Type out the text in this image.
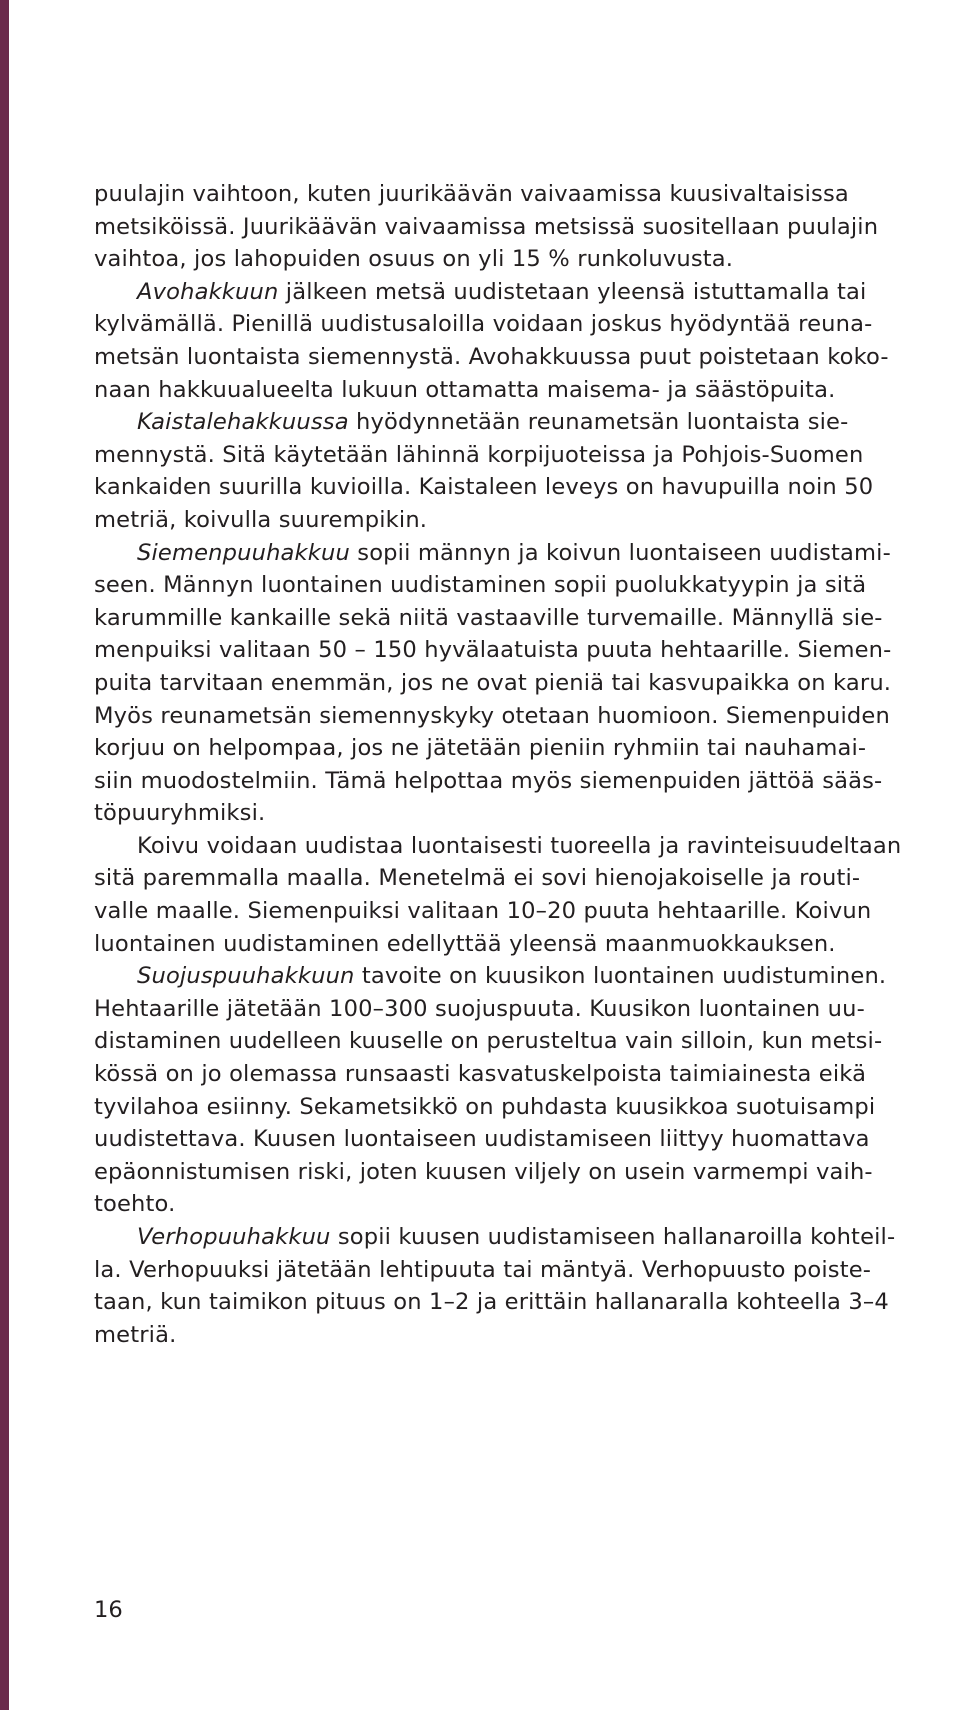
puulajin vaihtoon, kuten juurikäävän vaivaamissa kuusivaltaisissa
metsiköissä. Juurikäävän vaivaamissa metsissä suositellaan puulajin
vaihtoa, jos lahopuiden osuus on yli 15 % runkoluvusta.
Avohakkuun jälkeen metsä uudistetaan yleensä istuttamalla tai
kylvämällä. Pienillä uudistusaloilla voidaan joskus hyödyntää reuna-
metsän luontaista siemennystä. Avohakkuussa puut poistetaan koko-
naan hakkuualueelta lukuun ottamatta maisema- ja säästöpuita.
Kaistalehakkuussa hyödynnetään reunametsän luontaista sie-
mennystä. Sitä käytetään lähinnä korpijuoteissa ja Pohjois-Suomen
kankaiden suurilla kuvioilla. Kaistaleen leveys on havupuilla noin 50
metriä, koivulla suurempikin.
Siemenpuuhakkuu sopii männyn ja koivun luontaiseen uudistami-
seen. Männyn luontainen uudistaminen sopii puolukkatyypin ja sitä
karummille kankaille sekä niitä vastaaville turvemaille. Männyllä sie-
menpuiksi valitaan 50 – 150 hyvälaatuista puuta hehtaarille. Siemen-
puita tarvitaan enemmän, jos ne ovat pieniä tai kasvupaikka on karu.
Myös reunametsän siemennyskyky otetaan huomioon. Siemenpuiden
korjuu on helpompaa, jos ne jätetään pieniin ryhmiin tai nauhamai-
siin muodostelmiin. Tämä helpottaa myös siemenpuiden jättöä sääs-
töpuuryhmiksi.
Koivu voidaan uudistaa luontaisesti tuoreella ja ravinteisuudeltaan
sitä paremmalla maalla. Menetelmä ei sovi hienojakoiselle ja routi-
valle maalle. Siemenpuiksi valitaan 10–20 puuta hehtaarille. Koivun
luontainen uudistaminen edellyttää yleensä maanmuokkauksen.
Suojuspuuhakkuun tavoite on kuusikon luontainen uudistuminen.
Hehtaarille jätetään 100–300 suojuspuuta. Kuusikon luontainen uu-
distaminen uudelleen kuuselle on perusteltua vain silloin, kun metsi-
kössä on jo olemassa runsaasti kasvatuskelpoista taimiainesta eikä
tyvilahoa esiinny. Sekametsikkö on puhdasta kuusikkoa suotuisampi
uudistettava. Kuusen luontaiseen uudistamiseen liittyy huomattava
epäonnistumisen riski, joten kuusen viljely on usein varmempi vaih-
toehto.
Verhopuuhakkuu sopii kuusen uudistamiseen hallanaroilla kohteil-
la. Verhopuuksi jätetään lehtipuuta tai mäntyä. Verhopuusto poiste-
taan, kun taimikon pituus on 1–2 ja erittäin hallanaralla kohteella 3–4
metriä.
16
